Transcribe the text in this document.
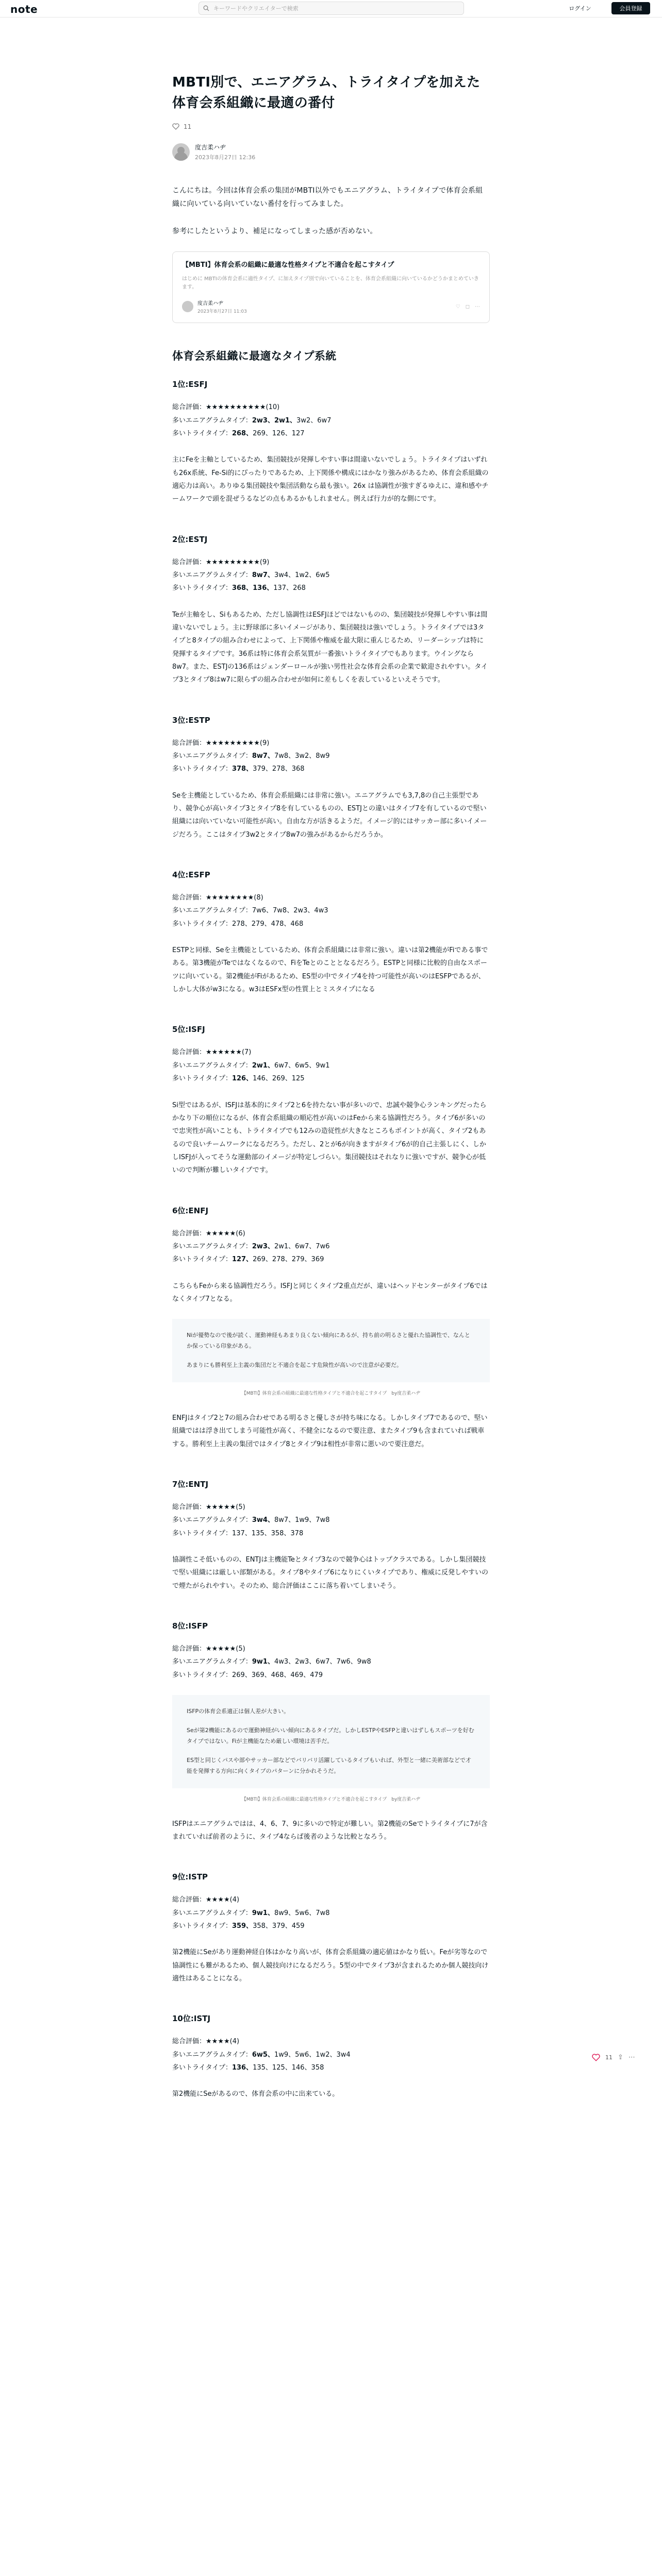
note	キーワードやクリエイターで検索	ログイン	会員登録
MBTI別で、エニアグラム、トライタイプを加えた体育会系組織に最適の番付
11
度吉柔ハヂ
2023年8月27日 12:36

こんにちは。今回は体育会系の集団がMBTI以外でもエニアグラム、トライタイプで体育会系組織に向いている向いていない番付を行ってみました。

参考にしたというより、補足になってしまった感が否めない。

【MBTI】体育会系の組織に最適な性格タイプと不適合を起こすタイプ
はじめに MBTIの体育会系に適性タイプ、に加えタイプ別で向いていることを、体育会系組織に向いているかどうかまとめていきます。
度吉柔ハヂ
2023年8月27日 11:03
♡ ◻ ⋯
体育会系組織に最適なタイプ系統
1位:ESFJ
総合評価：★★★★★★★★★★(10)
多いエニアグラムタイプ：2w3、2w1、3w2、6w7
多いトライタイプ：268、269、126、127

主にFeを主軸としているため、集団競技が発揮しやすい事は間違いないでしょう。トライタイプはいずれも26x系統、Fe-Si的にぴったりであるため、上下関係や構成にはかなり強みがあるため、体育会系組織の適応力は高い。ありゆる集団競技や集団活動なら最も強い。26x は協調性が強すぎるゆえに、違和感やチームワークで頭を混ぜうるなどの点もあるかもしれません。例えば行力が的な側にです。

2位:ESTJ
総合評価：★★★★★★★★★(9)
多いエニアグラムタイプ：8w7、3w4、1w2、6w5
多いトライタイプ：368、136、137、268

Teが主軸をし、Siもあるため、ただし協調性はESFJほどではないものの、集団競技が発揮しやすい事は間違いないでしょう。主に野球部に多いイメージがあり、集団競技は強いでしょう。トライタイプでは3タイプと8タイプの組み合わせによって、上下関係や権威を最大限に重んじるため、リーダーシップは特に発揮するタイプです。36系は特に体育会系気質が一番強いトライタイプでもあります。ウイングなら8w7。また、ESTJの136系はジェンダーロールが強い男性社会な体育会系の企業で歓迎されやすい。タイプ3とタイプ8はw7に限らずの組み合わせが如何に差もしくを表しているといえそうです。

3位:ESTP
総合評価：★★★★★★★★★(9)
多いエニアグラムタイプ：8w7、7w8、3w2、8w9
多いトライタイプ：378、379、278、368

Seを主機能としているため、体育会系組織には非常に強い。エニアグラムでも3,7,8の自己主張型であり、競争心が高いタイプ3とタイプ8を有しているものの、ESTJとの違いはタイプ7を有しているので堅い組織には向いていない可能性が高い。自由な方が活きるようだ。イメージ的にはサッカー部に多いイメージだろう。ここはタイプ3w2とタイプ8w7の強みがあるからだろうか。

4位:ESFP
総合評価：★★★★★★★★(8)
多いエニアグラムタイプ：7w6、7w8、2w3、4w3
多いトライタイプ：278、279、478、468

ESTPと同様、Seを主機能としているため、体育会系組織には非常に強い。違いは第2機能がFiである事である。第3機能がTeではなくなるので、FiをTeとのこととなるだろう。ESTPと同様に比較的自由なスポーツに向いている。第2機能がFiがあるため、ES型の中でタイプ4を持つ可能性が高いのはESFPであるが、しかし大体がw3になる。w3はESFx型の性質上とミスタイプになる

5位:ISFJ
総合評価：★★★★★★(7)
多いエニアグラムタイプ：2w1、6w7、6w5、9w1
多いトライタイプ：126、146、269、125

Si型ではあるが、ISFJは基本的にタイプ2と6を持たない事が多いので、忠誠や競争心ランキングだったらかなり下の順位になるが、体育会系組織の順応性が高いのはFeから来る協調性だろう。タイプ6が多いので忠実性が高いことも、トライタイプでも12みの造従性が大きなところもポイントが高く、タイプ2もあるので良いチームワークになるだろう。ただし、2とが6が向きますがタイプ6が的自己主張しにく、しかしISFJが入ってそうな運動部のイメージが特定しづらい。集団競技はそれなりに強いですが、競争心が低いので判断が難しいタイプです。

6位:ENFJ
総合評価：★★★★★(6)
多いエニアグラムタイプ：2w3、2w1、6w7、7w6
多いトライタイプ：127、269、278、279、369

こちらもFeから来る協調性だろう。ISFJと同じくタイプ2重点だが、違いはヘッドセンターがタイプ6ではなくタイプ7となる。

Niが優勢なので後が読く、運動神経もあまり良くない傾向にあるが、持ち前の明るさと優れた協調性で、なんとか保っている印象がある。

あまりにも勝利至上主義の集団だと不適合を起こす危険性が高いので注意が必要だ。

【MBTI】体育会系の組織に最適な性格タイプと不適合を起こすタイプ　by度吉柔ハヂ

ENFJはタイプ2と7の組み合わせである明るさと優しさが持ち味になる。しかしタイプ7であるので、堅い組織ではは浮き出てしまう可能性が高く、不健全になるので要注意、またタイプ9も含まれていれば戦車する。勝利至上主義の集団ではタイプ8とタイプ9は相性が非常に悪いので要注意だ。

7位:ENTJ
総合評価：★★★★★(5)
多いエニアグラムタイプ：3w4、8w7、1w9、7w8
多いトライタイプ：137、135、358、378

協調性こそ低いものの、ENTJは主機能Teとタイプ3なので競争心はトップクラスである。しかし集団競技で堅い組織には厳しい部類がある。タイプ8やタイプ6になりにくいタイプであり、権威に反発しやすいので煙たがられやすい。そのため、総合評価はここに落ち着いてしまいそう。

8位:ISFP
総合評価：★★★★★(5)
多いエニアグラムタイプ：9w1、4w3、2w3、6w7、7w6、9w8
多いトライタイプ：269、369、468、469、479

ISFPの体育会系適正は個人差が大きい。

Seが第2機能にあるので運動神経がいい傾向にあるタイプだ。しかしESTPやESFPと違いはずしもスポーツを好むタイプではない。Fiが主機能なため厳しい環境は苦手だ。

ES型と同じくパスや部やサッカー部などでバリバリ活躍しているタイプもいれば、外型と一緒に美術部などで才能を発揮する方向に向くタイプのパターンに分かれそうだ。

【MBTI】体育会系の組織に最適な性格タイプと不適合を起こすタイプ　by度吉柔ハヂ

ISFPはエニアグラムではは、4、6、7、9に多いので特定が難しい。第2機能のSeでトライタイプに7が含まれていれば前者のように、タイプ4ならば後者のような比較となろう。

9位:ISTP
総合評価：★★★★(4)
多いエニアグラムタイプ：9w1、8w9、5w6、7w8
多いトライタイプ：359、358、379、459

第2機能にSeがあり運動神経自体はかなり高いが、体育会系組織の適応値はかなり低い。Feが劣等なので協調性にも難があるため、個人競技向けになるだろう。5型の中でタイプ3が含まれるためか個人競技向け適性はあることになる。

10位:ISTJ
総合評価：★★★★(4)
多いエニアグラムタイプ：6w5、1w9、5w6、1w2、3w4
多いトライタイプ：136、135、125、146、358

第2機能にSeがあるので、体育会系の中に出来ている。

11 ⇪ ⋯
